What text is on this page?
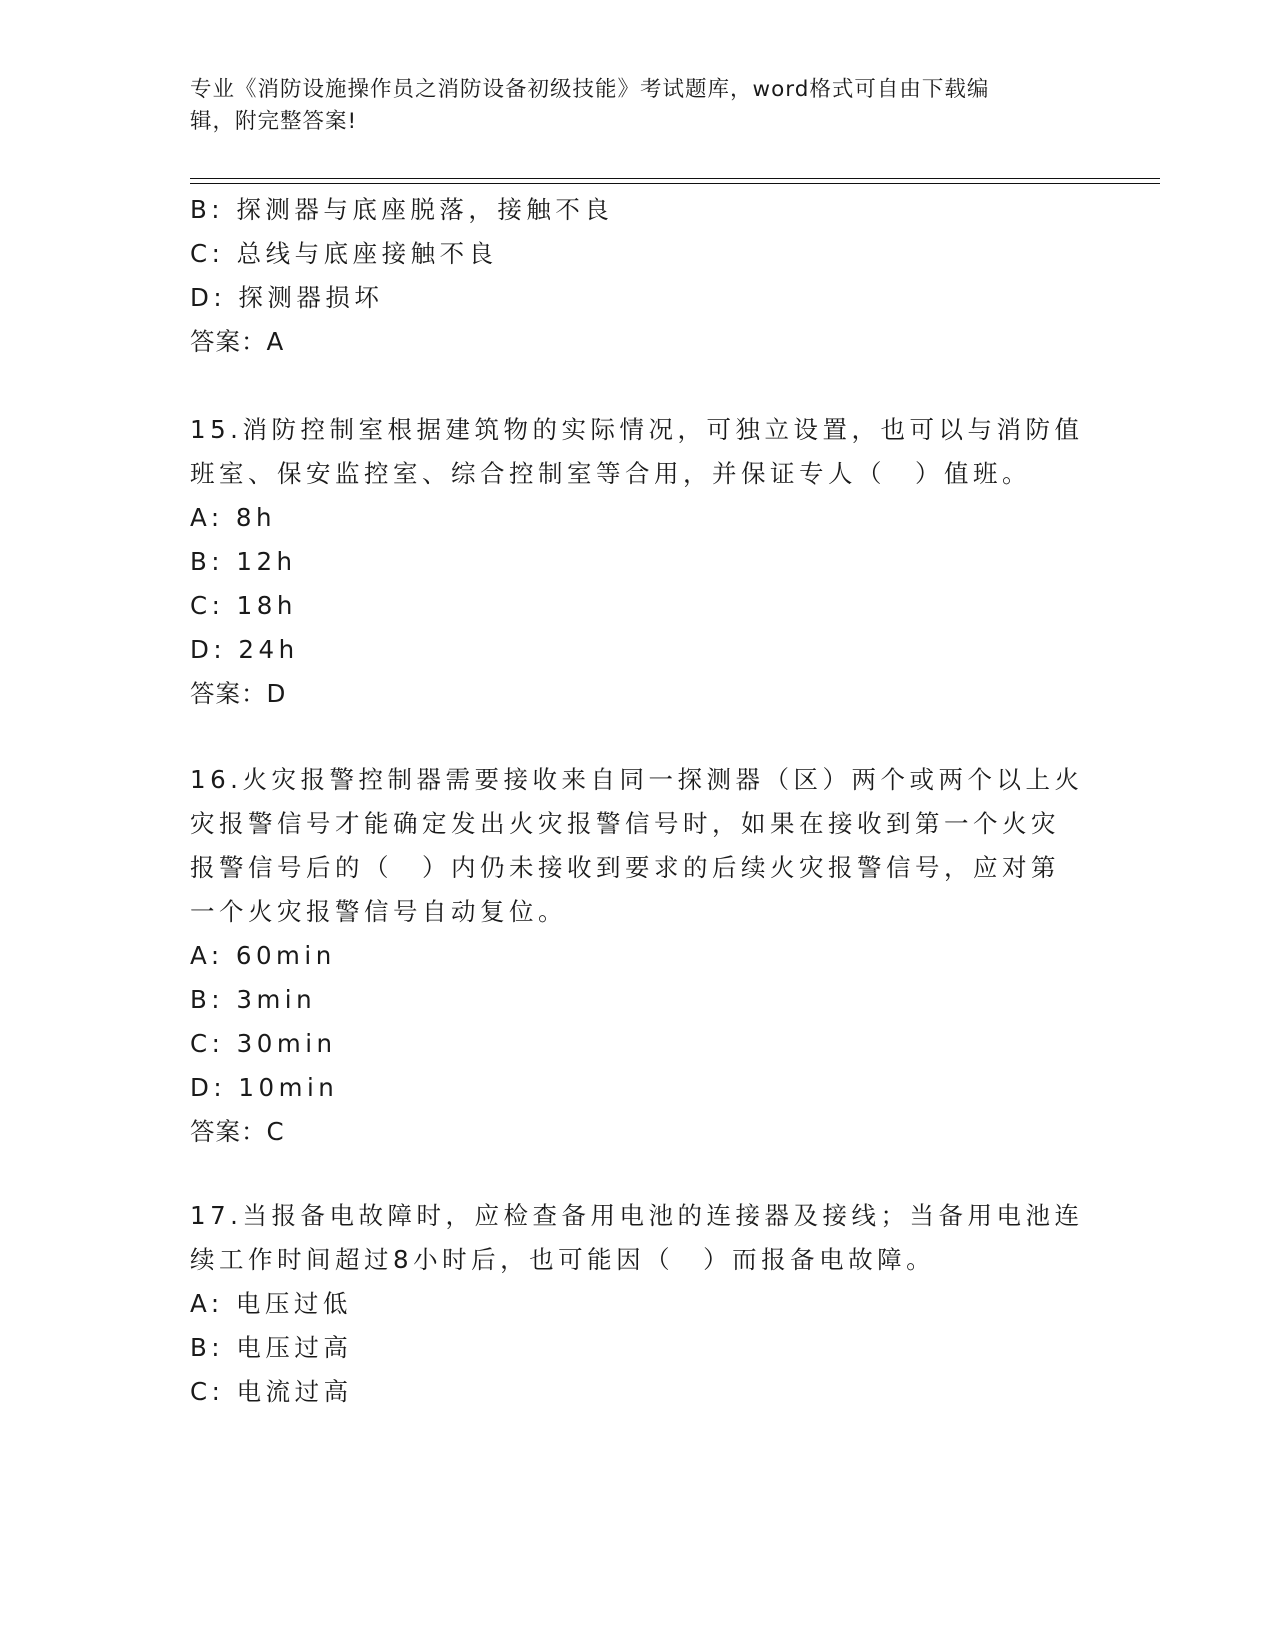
专业《消防设施操作员之消防设备初级技能》考试题库，word格式可自由下载编
辑，附完整答案!
B: 探测器与底座脱落，接触不良
C: 总线与底座接触不良
D: 探测器损坏
答案：A
15.消防控制室根据建筑物的实际情况，可独立设置，也可以与消防值
班室、保安监控室、综合控制室等合用，并保证专人（　）值班。
A: 8h
B: 12h
C: 18h
D: 24h
答案：D
16.火灾报警控制器需要接收来自同一探测器（区）两个或两个以上火
灾报警信号才能确定发出火灾报警信号时，如果在接收到第一个火灾
报警信号后的（　）内仍未接收到要求的后续火灾报警信号，应对第
一个火灾报警信号自动复位。
A: 60min
B: 3min
C: 30min
D: 10min
答案：C
17.当报备电故障时，应检查备用电池的连接器及接线；当备用电池连
续工作时间超过8小时后，也可能因（　）而报备电故障。
A: 电压过低
B: 电压过高
C: 电流过高
